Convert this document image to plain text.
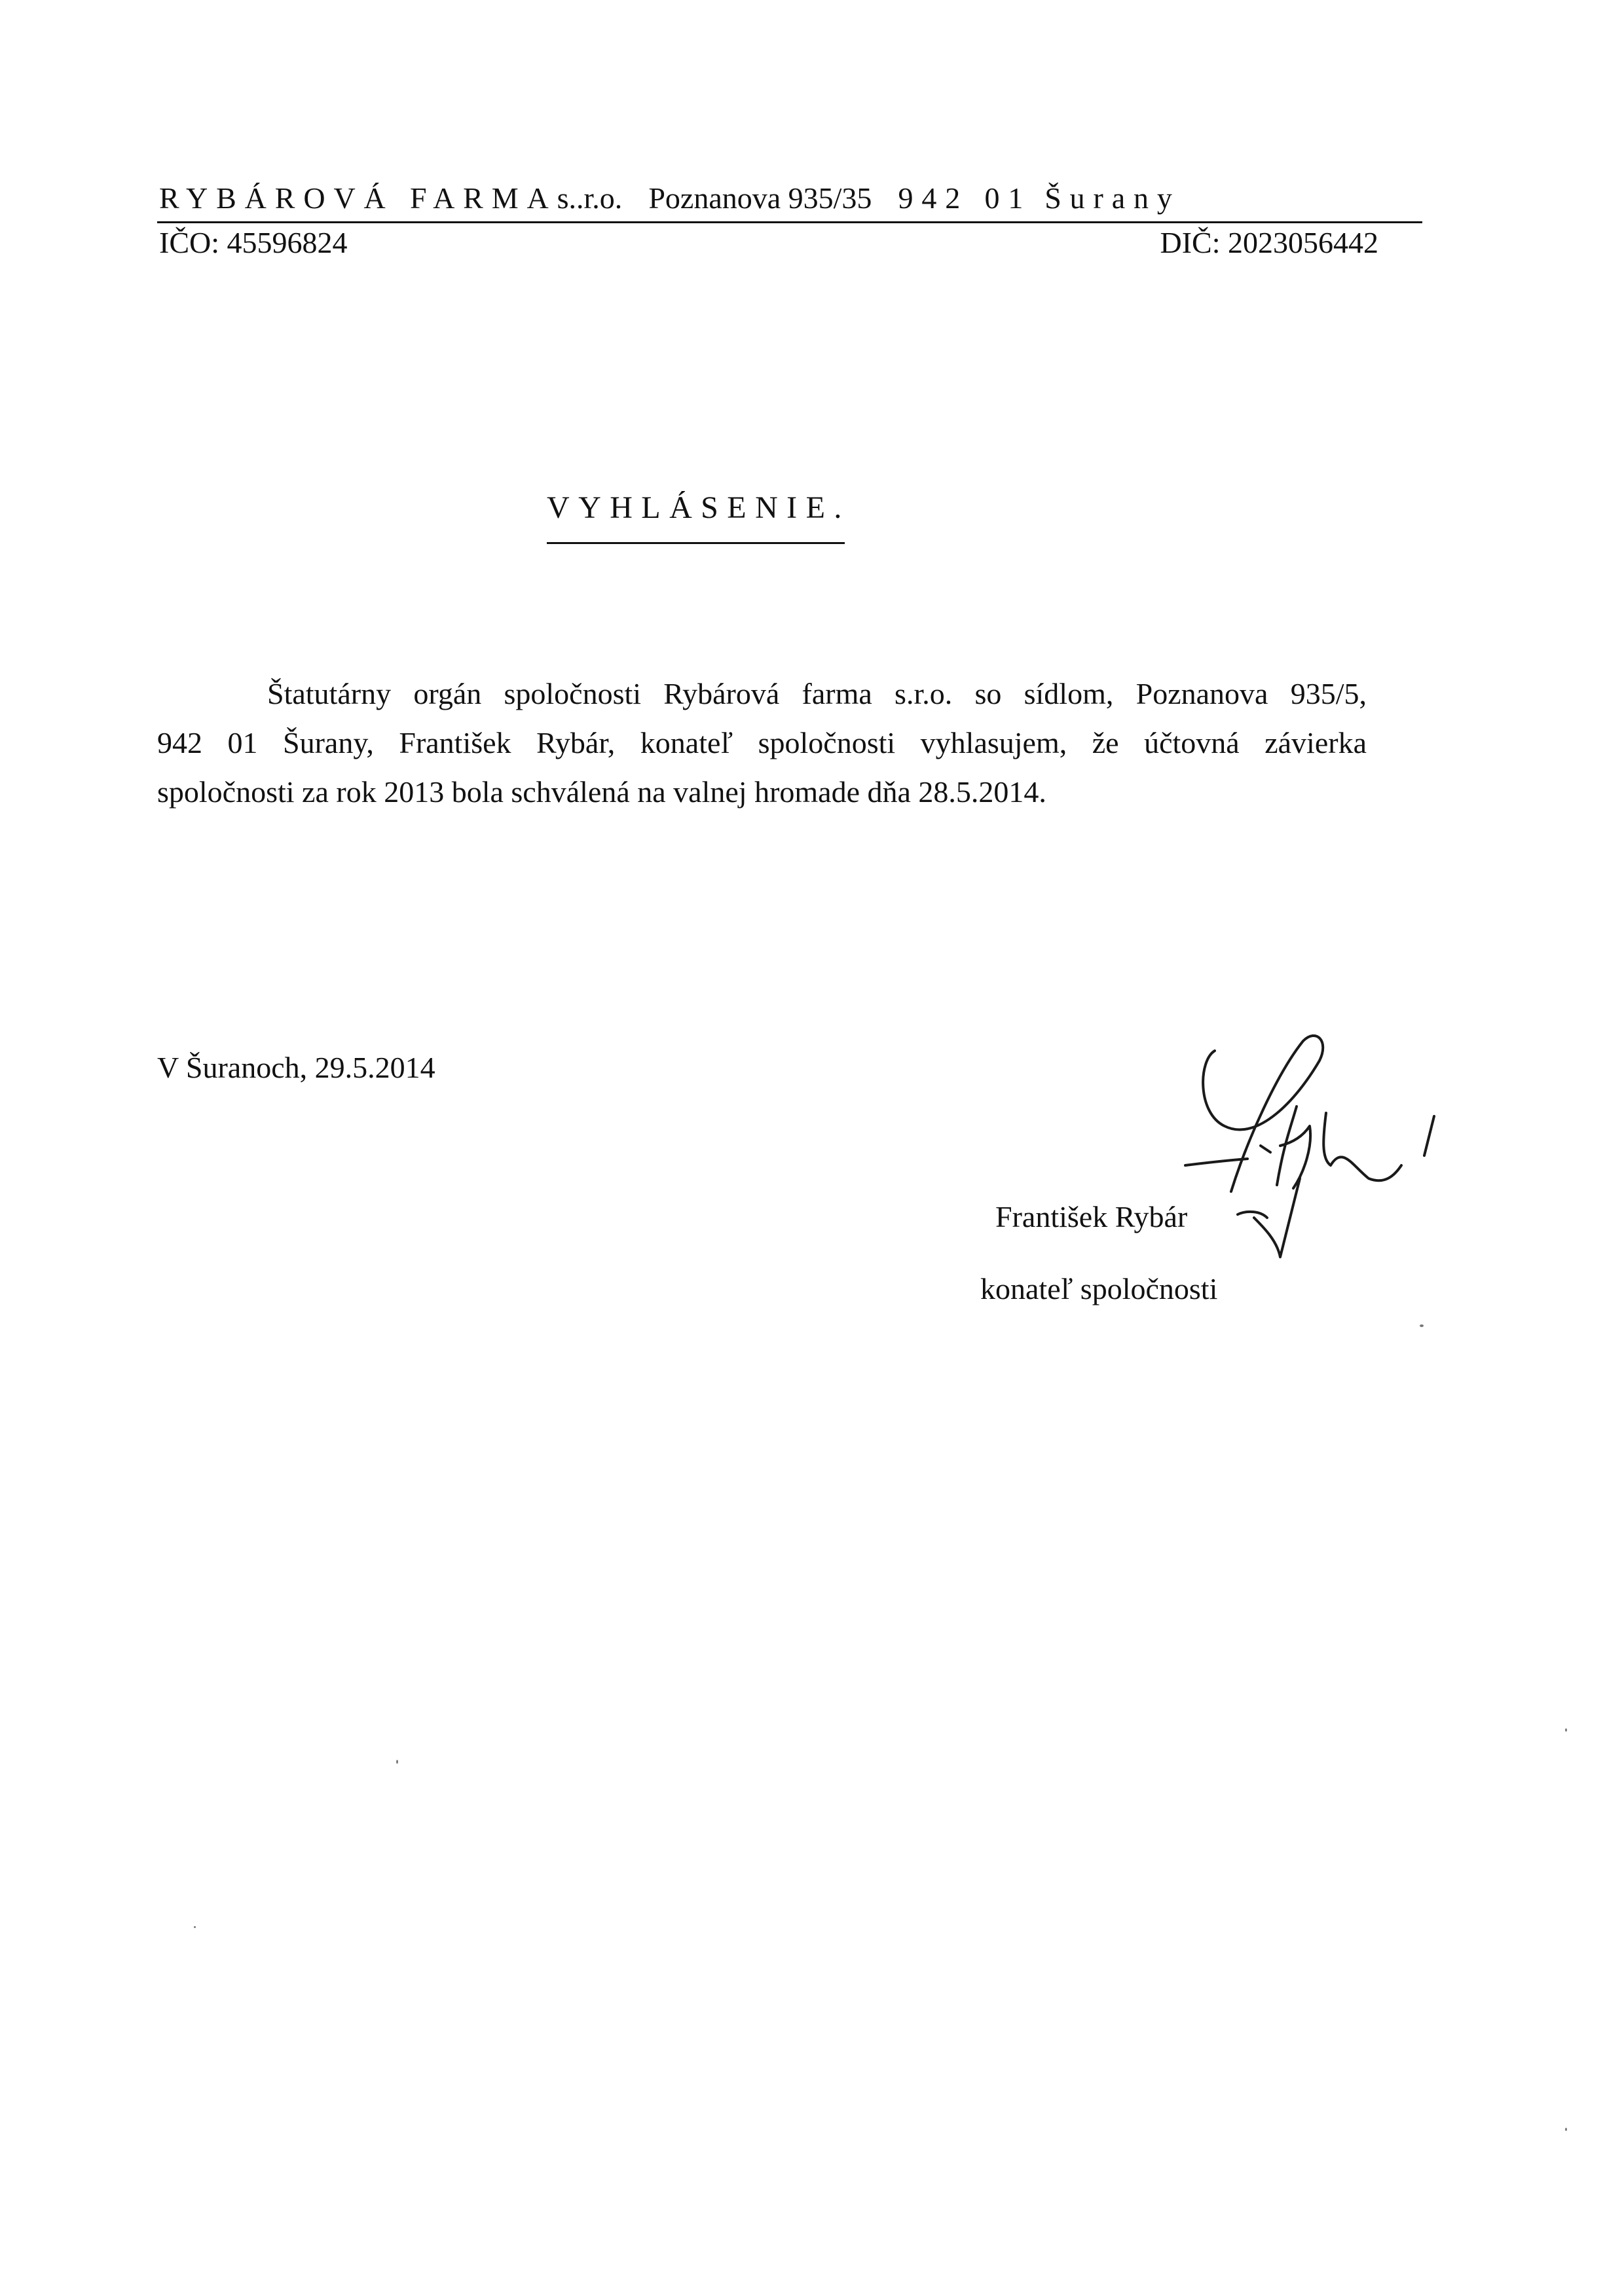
RYBÁROVÁ FARMAs..r.o. Poznanova 935/35 942 01 Šurany
IČO: 45596824	DIČ: 2023056442
VYHLÁSENIE.
Štatutárny orgán spoločnosti Rybárová farma s.r.o. so sídlom, Poznanova 935/5,
942 01 Šurany, František Rybár, konateľ spoločnosti vyhlasujem, že účtovná závierka
spoločnosti za rok 2013 bola schválená na valnej hromade dňa 28.5.2014.
V Šuranoch, 29.5.2014
František Rybár
konateľ spoločnosti
